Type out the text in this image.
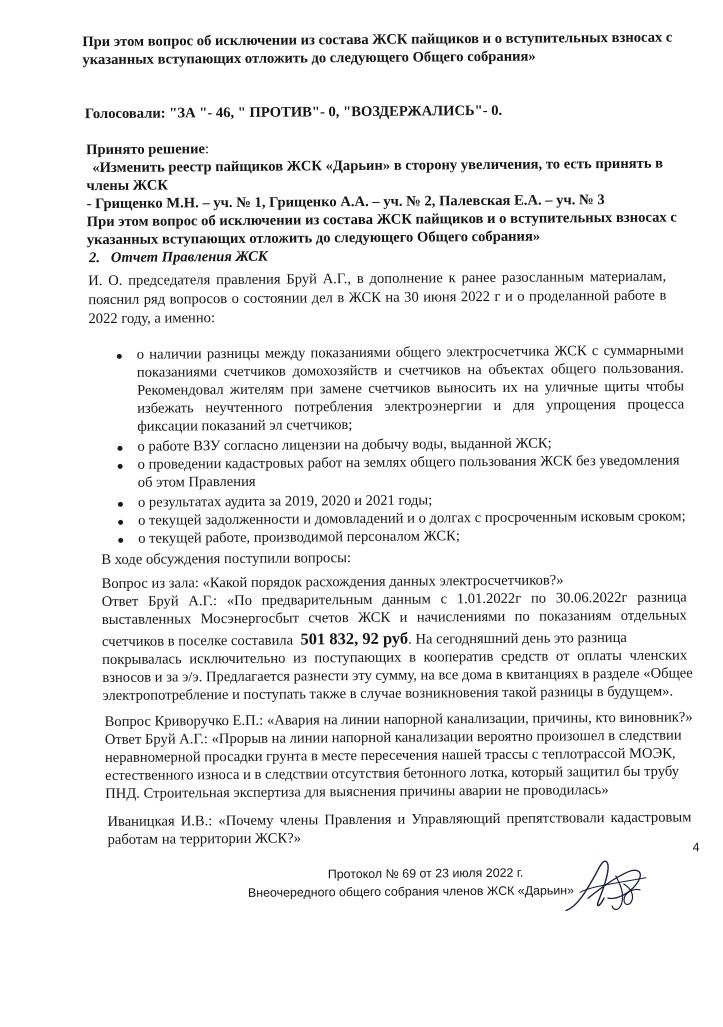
При этом вопрос об исключении из состава ЖСК пайщиков и о вступительных взносах с
указанных вступающих отложить до следующего Общего собрания»
Голосовали: "ЗА "- 46, " ПРОТИВ"- 0, "ВОЗДЕРЖАЛИСЬ"- 0.
Принято решение:
«Изменить реестр пайщиков ЖСК «Дарьин» в сторону увеличения, то есть принять в
члены ЖСК
- Грищенко М.Н. – уч. № 1, Грищенко А.А. – уч. № 2, Палевская Е.А. – уч. № 3
При этом вопрос об исключении из состава ЖСК пайщиков и о вступительных взносах с
указанных вступающих отложить до следующего Общего собрания»
2. Отчет Правления ЖСК
И. О. председателя правления Бруй А.Г., в дополнение к ранее разосланным материалам,
пояснил ряд вопросов о состоянии дел в ЖСК на 30 июня 2022 г и о проделанной работе в
2022 году, а именно:
о наличии разницы между показаниями общего электросчетчика ЖСК с суммарными
показаниями счетчиков домохозяйств и счетчиков на объектах общего пользования.
Рекомендовал жителям при замене счетчиков выносить их на уличные щиты чтобы
избежать неучтенного потребления электроэнергии и для упрощения процесса
фиксации показаний эл счетчиков;
о работе ВЗУ согласно лицензии на добычу воды, выданной ЖСК;
о проведении кадастровых работ на землях общего пользования ЖСК без уведомления
об этом Правления
о результатах аудита за 2019, 2020 и 2021 годы;
о текущей задолженности и домовладений и о долгах с просроченным исковым сроком;
о текущей работе, производимой персоналом ЖСК;
В ходе обсуждения поступили вопросы:
Вопрос из зала: «Какой порядок расхождения данных электросчетчиков?»
Ответ Бруй А.Г.: «По предварительным данным с 1.01.2022г по 30.06.2022г разница
выставленных Мосэнергосбыт счетов ЖСК и начислениями по показаниям отдельных
счетчиков в поселке составила 501 832, 92 руб. На сегодняшний день это разница
покрывалась исключительно из поступающих в кооператив средств от оплаты членских
взносов и за э/э. Предлагается разнести эту сумму, на все дома в квитанциях в разделе «Общее
электропотребление и поступать также в случае возникновения такой разницы в будущем».
Вопрос Криворучко Е.П.: «Авария на линии напорной канализации, причины, кто виновник?»
Ответ Бруй А.Г.: «Прорыв на линии напорной канализации вероятно произошел в следствии
неравномерной просадки грунта в месте пересечения нашей трассы с теплотрассой МОЭК,
естественного износа и в следствии отсутствия бетонного лотка, который защитил бы трубу
ПНД. Строительная экспертиза для выяснения причины аварии не проводилась»
Иваницкая И.В.: «Почему члены Правления и Управляющий препятствовали кадастровым
работам на территории ЖСК?»	4
Протокол № 69 от 23 июля 2022 г.
Внеочередного общего собрания членов ЖСК «Дарьин»
